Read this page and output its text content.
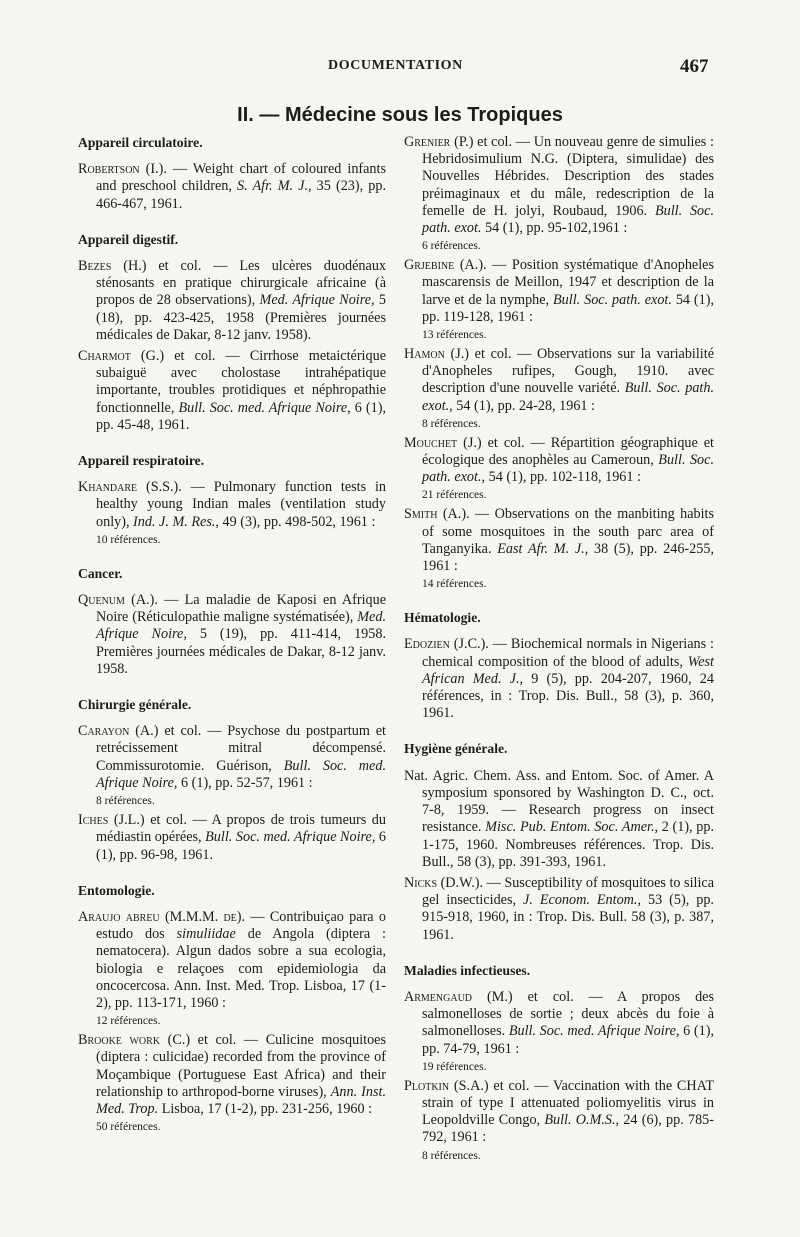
DOCUMENTATION	467
II. — Médecine sous les Tropiques
Appareil circulatoire.
Robertson (I.). — Weight chart of coloured infants and preschool children, S. Afr. M. J., 35 (23), pp. 466-467, 1961.
Appareil digestif.
Bezes (H.) et col. — Les ulcères duodénaux sténosants en pratique chirurgicale africaine (à propos de 28 observations), Med. Afrique Noire, 5 (18), pp. 423-425, 1958 (Premières journées médicales de Dakar, 8-12 janv. 1958).
Charmot (G.) et col. — Cirrhose metaictérique subaiguë avec cholostase intrahépatique importante, troubles protidiques et néphropathie fonctionnelle, Bull. Soc. med. Afrique Noire, 6 (1), pp. 45-48, 1961.
Appareil respiratoire.
Khandare (S.S.). — Pulmonary function tests in healthy young Indian males (ventilation study only), Ind. J. M. Res., 49 (3), pp. 498-502, 1961 :
10 références.
Cancer.
Quenum (A.). — La maladie de Kaposi en Afrique Noire (Réticulopathie maligne systématisée), Med. Afrique Noire, 5 (19), pp. 411-414, 1958. Premières journées médicales de Dakar, 8-12 janv. 1958.
Chirurgie générale.
Carayon (A.) et col. — Psychose du postpartum et retrécissement mitral décompensé. Commissurotomie. Guérison, Bull. Soc. med. Afrique Noire, 6 (1), pp. 52-57, 1961 :
8 références.
Iches (J.L.) et col. — A propos de trois tumeurs du médiastin opérées, Bull. Soc. med. Afrique Noire, 6 (1), pp. 96-98, 1961.
Entomologie.
Araujo abreu (M.M.M. de). — Contribuiçao para o estudo dos simuliidae de Angola (diptera : nematocera). Algun dados sobre a sua ecologia, biologia e relaçoes com epidemiologia da oncocercosa. Ann. Inst. Med. Trop. Lisboa, 17 (1-2), pp. 113-171, 1960 :
12 références.
Brooke work (C.) et col. — Culicine mosquitoes (diptera : culicidae) recorded from the province of Moçambique (Portuguese East Africa) and their relationship to arthropod-borne viruses), Ann. Inst. Med. Trop. Lisboa, 17 (1-2), pp. 231-256, 1960 :
50 références.
Grenier (P.) et col. — Un nouveau genre de simulies : Hebridosimulium N.G. (Diptera, simulidae) des Nouvelles Hébrides. Description des stades préimaginaux et du mâle, redescription de la femelle de H. jolyi, Roubaud, 1906. Bull. Soc. path. exot. 54 (1), pp. 95-102,1961 :
6 références.
Grjebine (A.). — Position systématique d'Anopheles mascarensis de Meillon, 1947 et description de la larve et de la nymphe, Bull. Soc. path. exot. 54 (1), pp. 119-128, 1961 :
13 références.
Hamon (J.) et col. — Observations sur la variabilité d'Anopheles rufipes, Gough, 1910. avec description d'une nouvelle variété. Bull. Soc. path. exot., 54 (1), pp. 24-28, 1961 :
8 références.
Mouchet (J.) et col. — Répartition géographique et écologique des anophèles au Cameroun, Bull. Soc. path. exot., 54 (1), pp. 102-118, 1961 :
21 références.
Smith (A.). — Observations on the manbiting habits of some mosquitoes in the south parc area of Tanganyika. East Afr. M. J., 38 (5), pp. 246-255, 1961 :
14 références.
Hématologie.
Edozien (J.C.). — Biochemical normals in Nigerians : chemical composition of the blood of adults, West African Med. J., 9 (5), pp. 204-207, 1960, 24 références, in : Trop. Dis. Bull., 58 (3), p. 360, 1961.
Hygiène générale.
Nat. Agric. Chem. Ass. and Entom. Soc. of Amer. A symposium sponsored by Washington D. C., oct. 7-8, 1959. — Research progress on insect resistance. Misc. Pub. Entom. Soc. Amer., 2 (1), pp. 1-175, 1960. Nombreuses références. Trop. Dis. Bull., 58 (3), pp. 391-393, 1961.
Nicks (D.W.). — Susceptibility of mosquitoes to silica gel insecticides, J. Econom. Entom., 53 (5), pp. 915-918, 1960, in : Trop. Dis. Bull. 58 (3), p. 387, 1961.
Maladies infectieuses.
Armengaud (M.) et col. — A propos des salmonelloses de sortie ; deux abcès du foie à salmonelloses. Bull. Soc. med. Afrique Noire, 6 (1), pp. 74-79, 1961 :
19 références.
Plotkin (S.A.) et col. — Vaccination with the CHAT strain of type I attenuated poliomyelitis virus in Leopoldville Congo, Bull. O.M.S., 24 (6), pp. 785-792, 1961 :
8 références.
